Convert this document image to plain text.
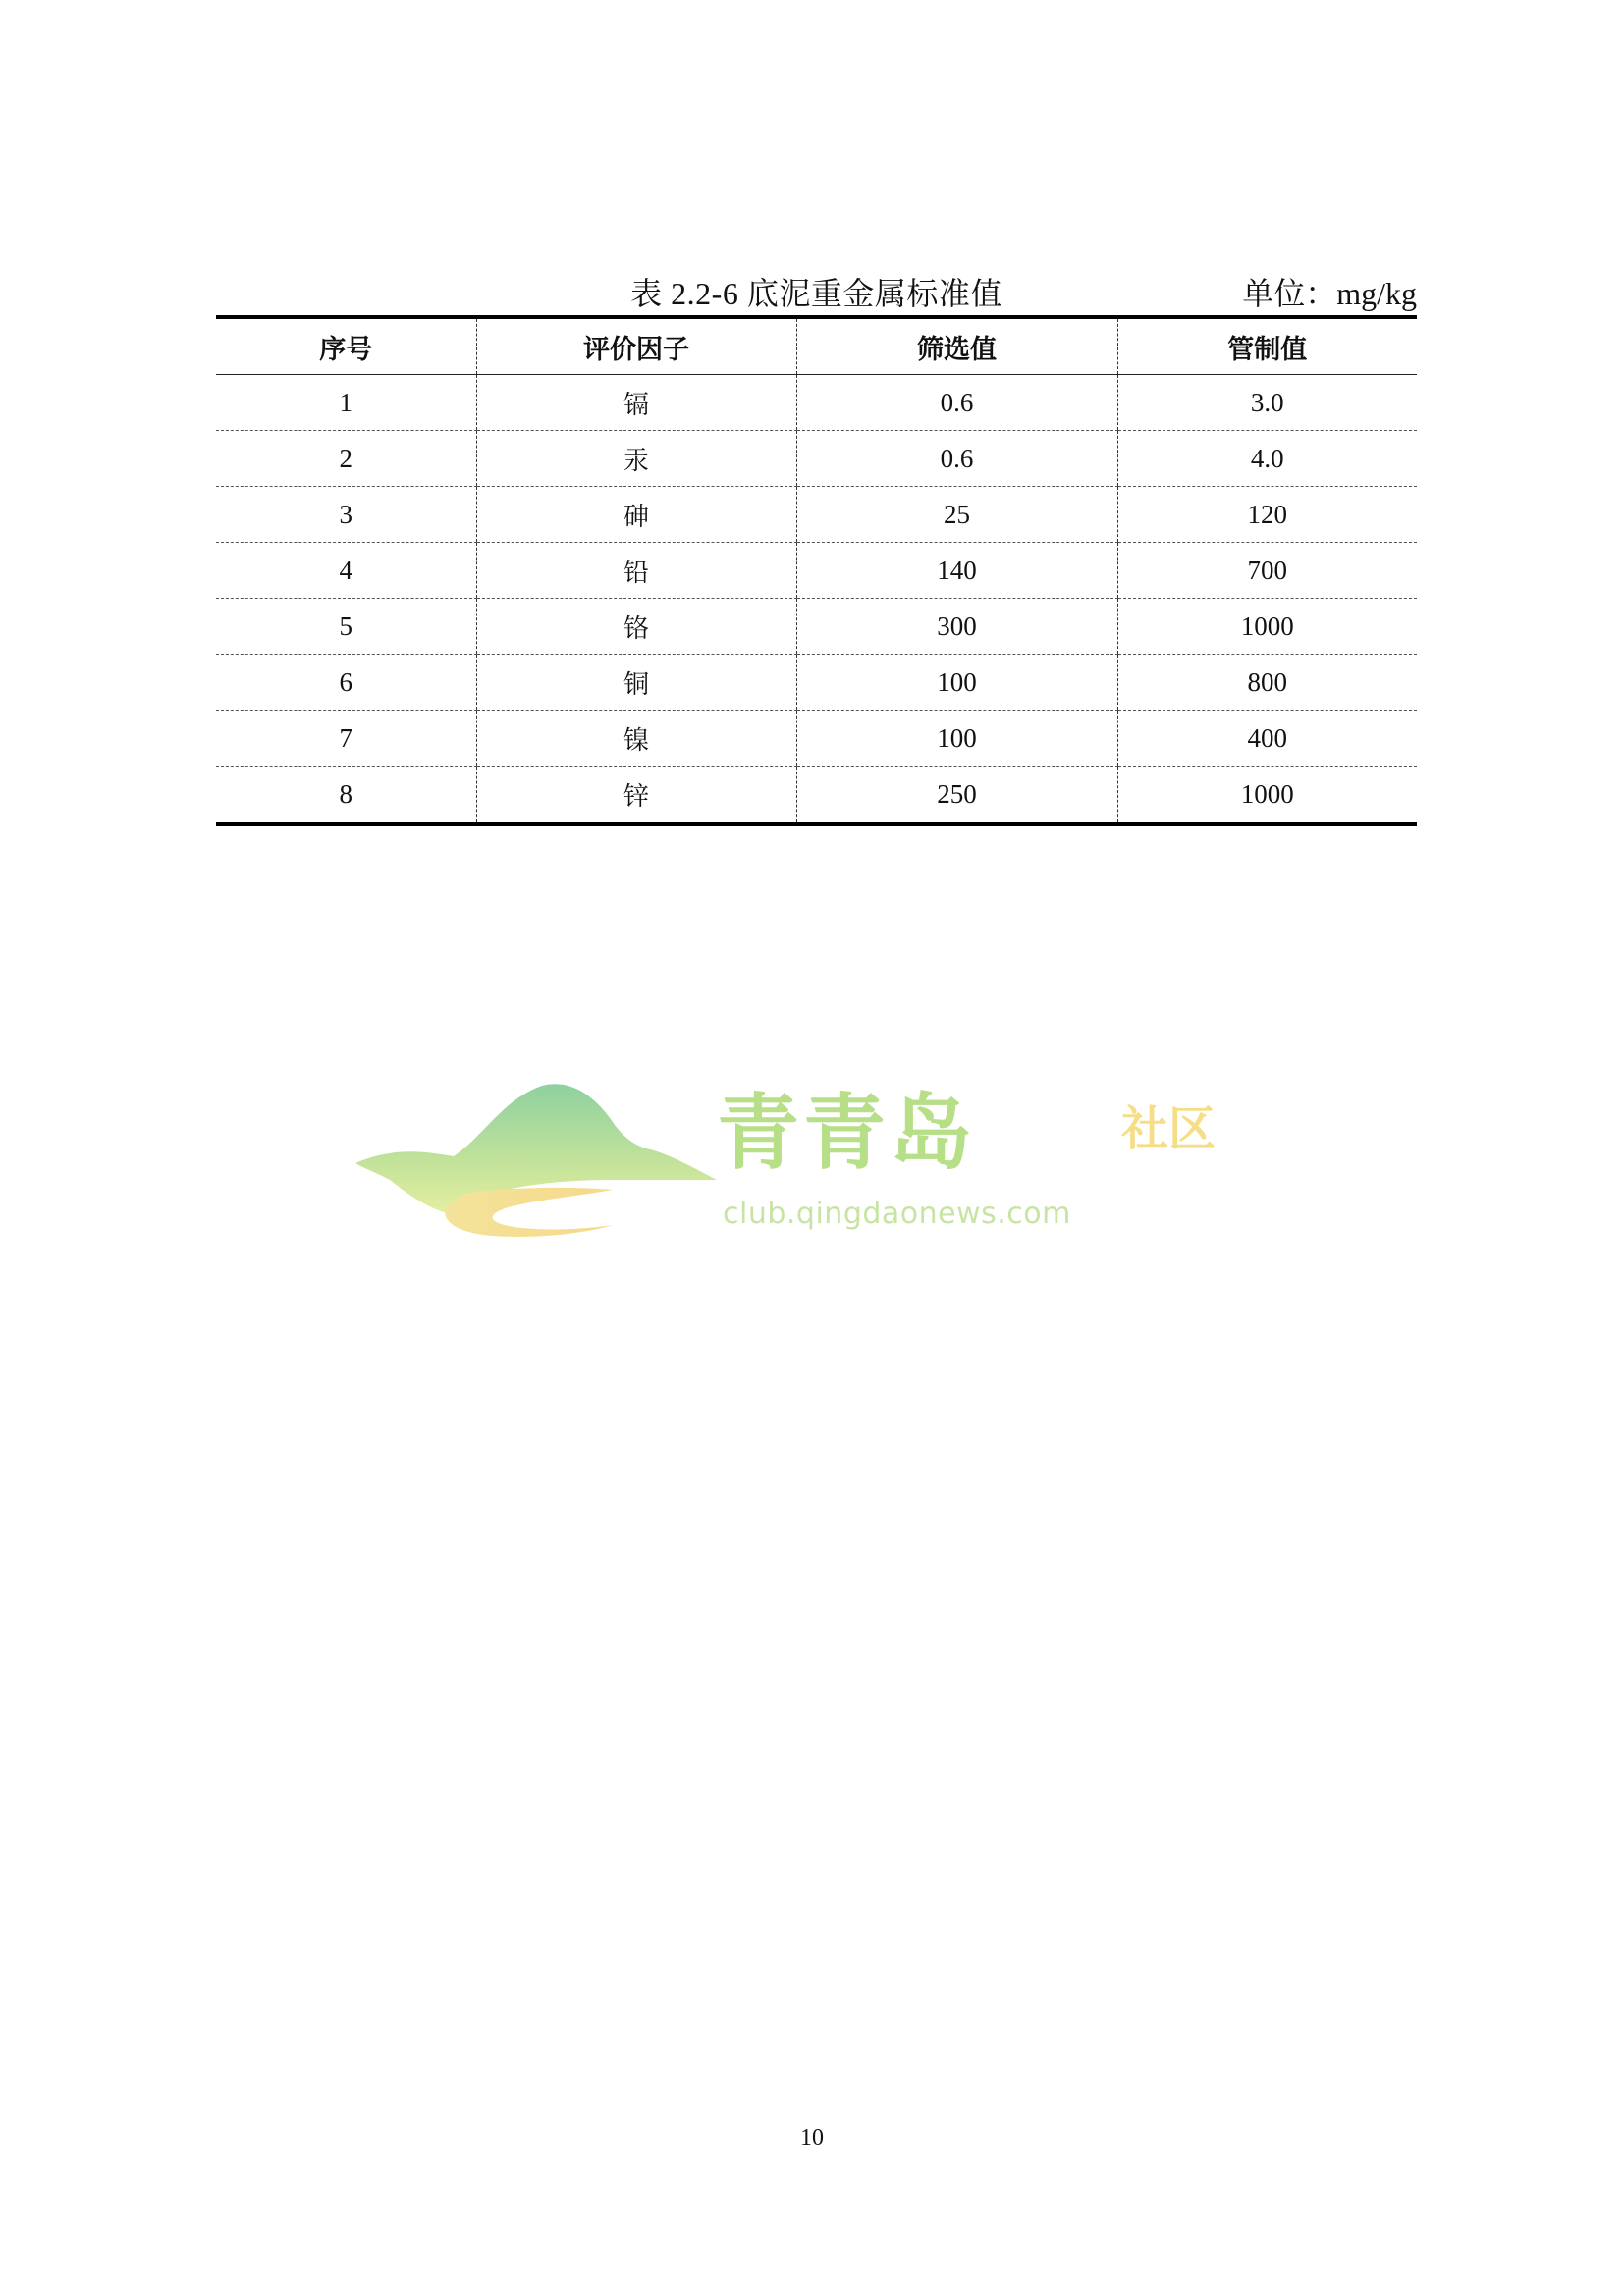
表 2.2-6 底泥重金属标准值	单位：mg/kg
序号	评价因子	筛选值	管制值
1	镉	0.6	3.0
2	汞	0.6	4.0
3	砷	25	120
4	铅	140	700
5	铬	300	1000
6	铜	100	800
7	镍	100	400
8	锌	250	1000
青青岛	社区
club.qingdaonews.com
10
